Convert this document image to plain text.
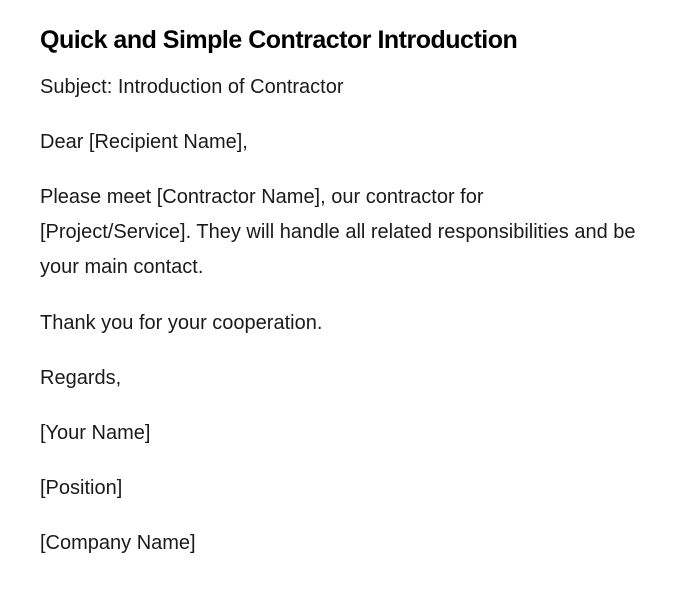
Quick and Simple Contractor Introduction

Subject: Introduction of Contractor

Dear [Recipient Name],

Please meet [Contractor Name], our contractor for [Project/Service]. They will handle all related responsibilities and be your main contact.

Thank you for your cooperation.

Regards,

[Your Name]

[Position]

[Company Name]
